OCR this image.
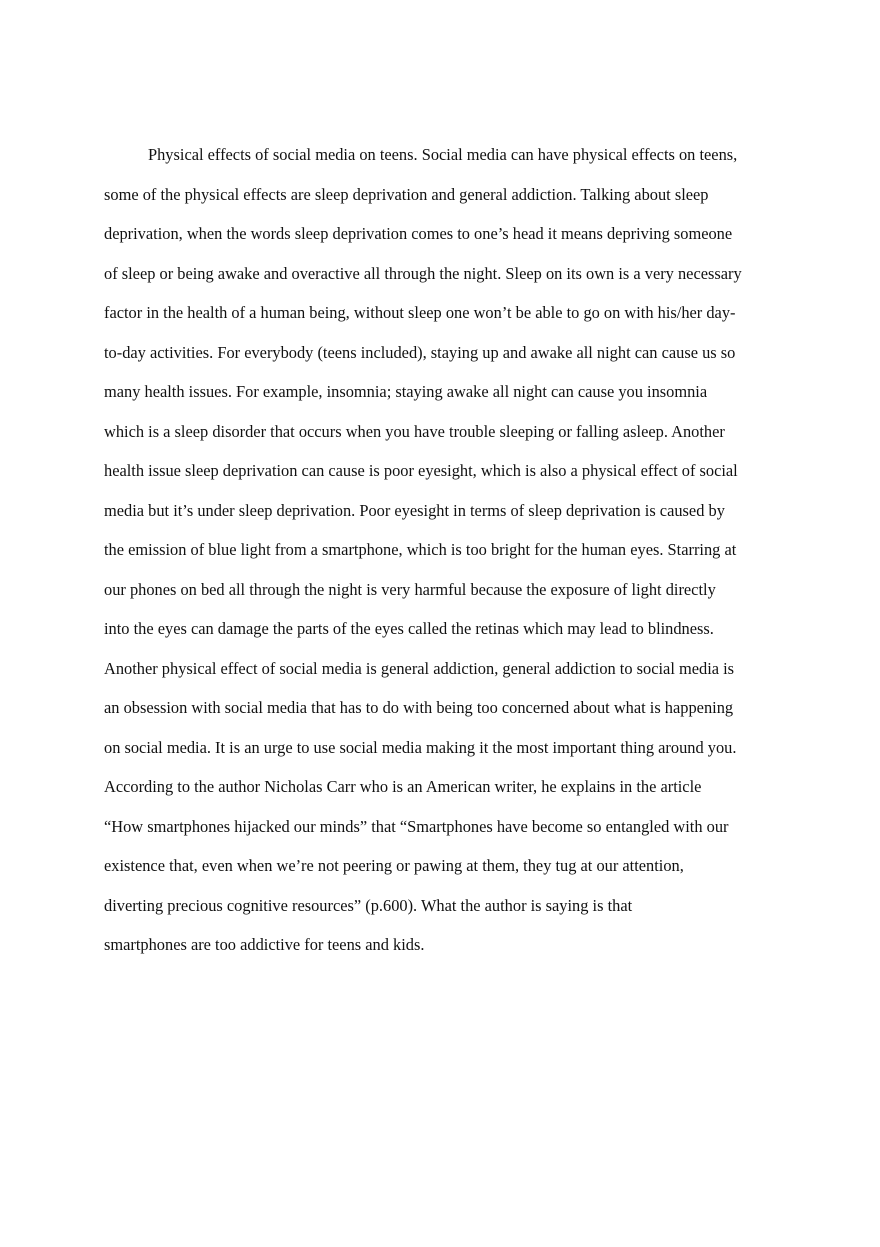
Physical effects of social media on teens. Social media can have physical effects on teens,
some of the physical effects are sleep deprivation and general addiction. Talking about sleep
deprivation, when the words sleep deprivation comes to one’s head it means depriving someone
of sleep or being awake and overactive all through the night. Sleep on its own is a very necessary
factor in the health of a human being, without sleep one won’t be able to go on with his/her day-
to-day activities. For everybody (teens included), staying up and awake all night can cause us so
many health issues. For example, insomnia; staying awake all night can cause you insomnia
which is a sleep disorder that occurs when you have trouble sleeping or falling asleep. Another
health issue sleep deprivation can cause is poor eyesight, which is also a physical effect of social
media but it’s under sleep deprivation. Poor eyesight in terms of sleep deprivation is caused by
the emission of blue light from a smartphone, which is too bright for the human eyes. Starring at
our phones on bed all through the night is very harmful because the exposure of light directly
into the eyes can damage the parts of the eyes called the retinas which may lead to blindness.
Another physical effect of social media is general addiction, general addiction to social media is
an obsession with social media that has to do with being too concerned about what is happening
on social media. It is an urge to use social media making it the most important thing around you.
According to the author Nicholas Carr who is an American writer, he explains in the article
“How smartphones hijacked our minds” that “Smartphones have become so entangled with our
existence that, even when we’re not peering or pawing at them, they tug at our attention,
diverting precious cognitive resources” (p.600). What the author is saying is that
smartphones are too addictive for teens and kids.
